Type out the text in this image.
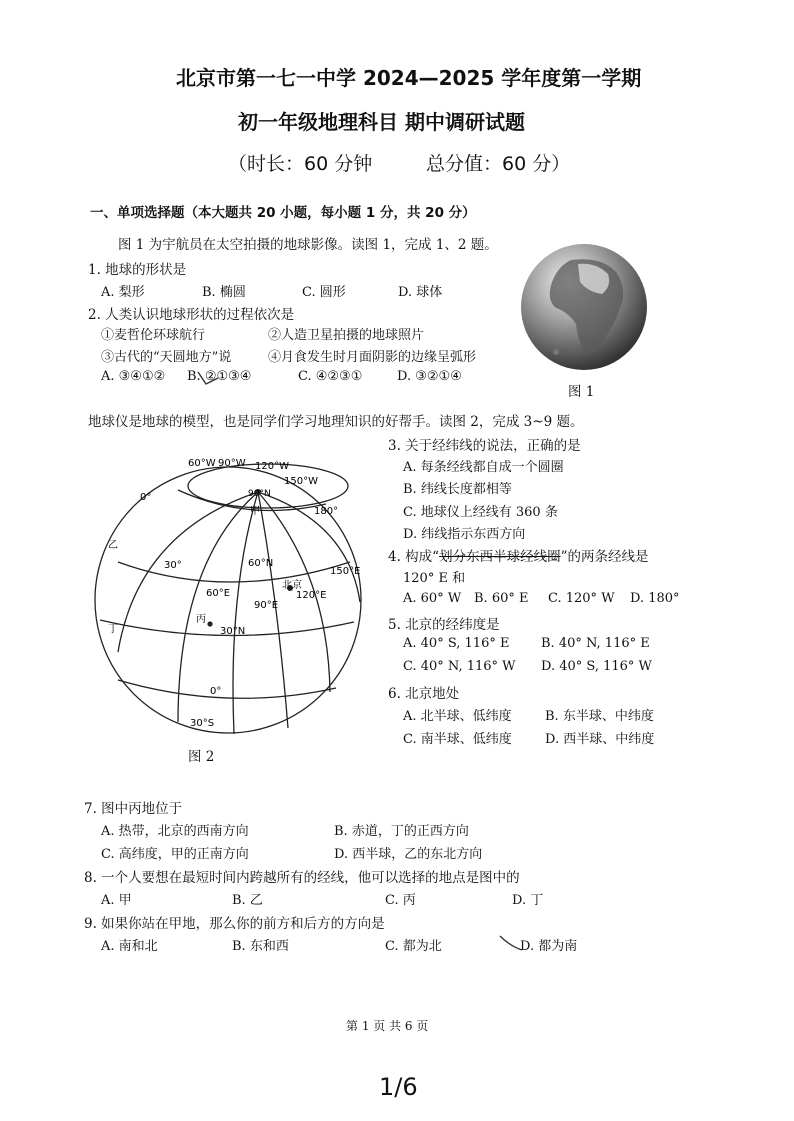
北京市第一七一中学 2024—2025 学年度第一学期
初一年级地理科目 期中调研试题
（时长：60 分钟	总分值：60 分）
一、单项选择题（本大题共 20 小题，每小题 1 分，共 20 分）
图 1 为宇航员在太空拍摄的地球影像。读图 1，完成 1、2 题。
1. 地球的形状是
A. 梨形	B. 椭圆	C. 圆形	D. 球体
2. 人类认识地球形状的过程依次是
①麦哲伦环球航行	②人造卫星拍摄的地球照片
③古代的“天圆地方”说	④月食发生时月面阴影的边缘呈弧形
A. ③④①② B. ②①③④	C. ④②③①	D. ③②①④
图 1
地球仪是地球的模型，也是同学们学习地理知识的好帮手。读图 2，完成 3~9 题。
60°W 90°W 120°W
150°W
180°
90°N
甲
30°	60°N
60°E
90°E
北京
120°E
150°E
30°N
0°
30°S
乙
丙
丁
0°
图 2
3. 关于经纬线的说法，正确的是
A. 每条经线都自成一个圆圈
B. 纬线长度都相等
C. 地球仪上经线有 360 条
D. 纬线指示东西方向
4. 构成“划分东西半球经线圈”的两条经线是
120° E 和
A. 60° W B. 60° E C. 120° W D. 180°
5. 北京的经纬度是
A. 40° S, 116° E B. 40° N, 116° E
C. 40° N, 116° W D. 40° S, 116° W
6. 北京地处
A. 北半球、低纬度	B. 东半球、中纬度
C. 南半球、低纬度	D. 西半球、中纬度
7. 图中丙地位于
A. 热带，北京的西南方向	B. 赤道，丁的正西方向
C. 高纬度，甲的正南方向	D. 西半球，乙的东北方向
8. 一个人要想在最短时间内跨越所有的经线，他可以选择的地点是图中的
A. 甲	B. 乙	C. 丙	D. 丁
9. 如果你站在甲地，那么你的前方和后方的方向是
A. 南和北	B. 东和西	C. 都为北	D. 都为南
第 1 页 共 6 页
1/6
